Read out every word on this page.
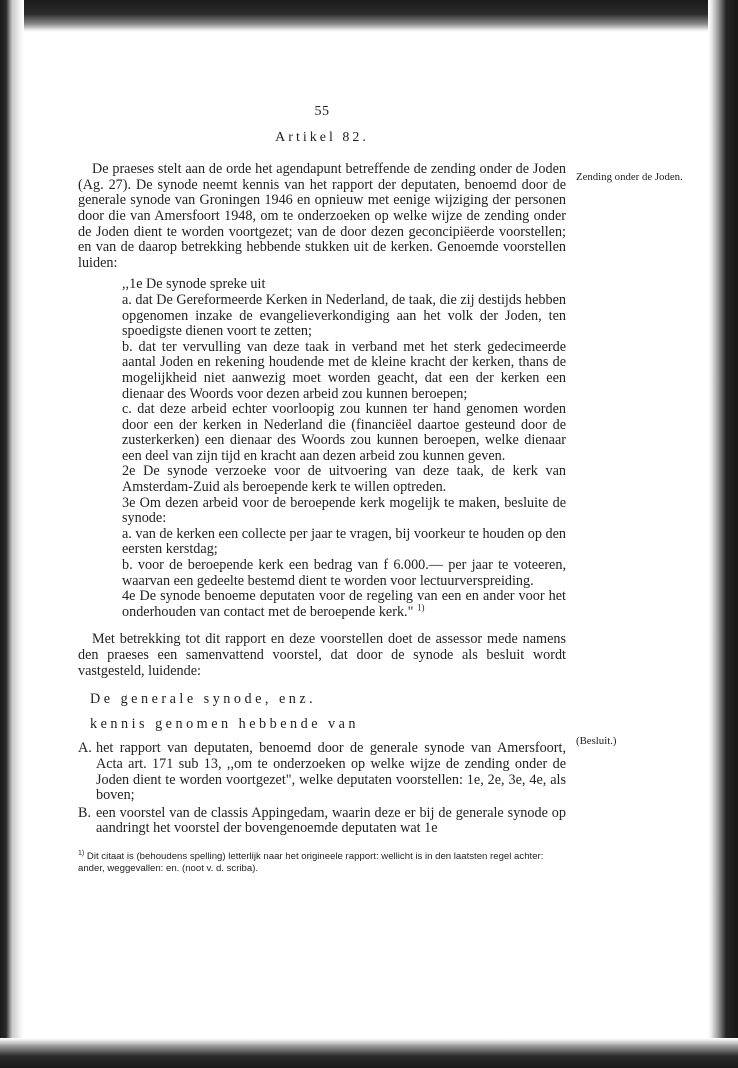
Zending onder de Joden.
(Besluit.)
55
Artikel 82.

De praeses stelt aan de orde het agendapunt betreffende de zending onder de Joden (Ag. 27). De synode neemt kennis van het rapport der deputaten, benoemd door de generale synode van Groningen 1946 en opnieuw met eenige wijziging der personen door die van Amersfoort 1948, om te onderzoeken op welke wijze de zending onder de Joden dient te worden voortgezet; van de door dezen geconcipiëerde voorstellen; en van de daarop betrekking hebbende stukken uit de kerken. Genoemde voorstellen luiden:

,,1e De synode spreke uit

a. dat De Gereformeerde Kerken in Nederland, de taak, die zij destijds hebben opgenomen inzake de evangelieverkondiging aan het volk der Joden, ten spoedigste dienen voort te zetten;

b. dat ter vervulling van deze taak in verband met het sterk gedecimeerde aantal Joden en rekening houdende met de kleine kracht der kerken, thans de mogelijkheid niet aanwezig moet worden geacht, dat een der kerken een dienaar des Woords voor dezen arbeid zou kunnen beroepen;

c. dat deze arbeid echter voorloopig zou kunnen ter hand genomen worden door een der kerken in Nederland die (financiëel daartoe gesteund door de zusterkerken) een dienaar des Woords zou kunnen beroepen, welke dienaar een deel van zijn tijd en kracht aan dezen arbeid zou kunnen geven.

2e De synode verzoeke voor de uitvoering van deze taak, de kerk van Amsterdam-Zuid als beroepende kerk te willen optreden.

3e Om dezen arbeid voor de beroepende kerk mogelijk te maken, besluite de synode:

a. van de kerken een collecte per jaar te vragen, bij voorkeur te houden op den eersten kerstdag;

b. voor de beroepende kerk een bedrag van f 6.000.— per jaar te voteeren, waarvan een gedeelte bestemd dient te worden voor lectuurverspreiding.

4e De synode benoeme deputaten voor de regeling van een en ander voor het onderhouden van contact met de beroepende kerk." $^{1)}$

Met betrekking tot dit rapport en deze voorstellen doet de assessor mede namens den praeses een samenvattend voorstel, dat door de synode als besluit wordt vastgesteld, luidende:

De generale synode, enz.

kennis genomen hebbende van

A. het rapport van deputaten, benoemd door de generale synode van Amersfoort, Acta art. 171 sub 13, ,,om te onderzoeken op welke wijze de zending onder de Joden dient te worden voortgezet", welke deputaten voorstellen: 1e, 2e, 3e, 4e, als boven;
B. een voorstel van de classis Appingedam, waarin deze er bij de generale synode op aandringt het voorstel der bovengenoemde deputaten wat 1e
$^{1)}$ Dit citaat is (behoudens spelling) letterlijk naar het origineele rapport: wellicht is in den laatsten regel achter: ander, weggevallen: en. (noot v. d. scriba).
